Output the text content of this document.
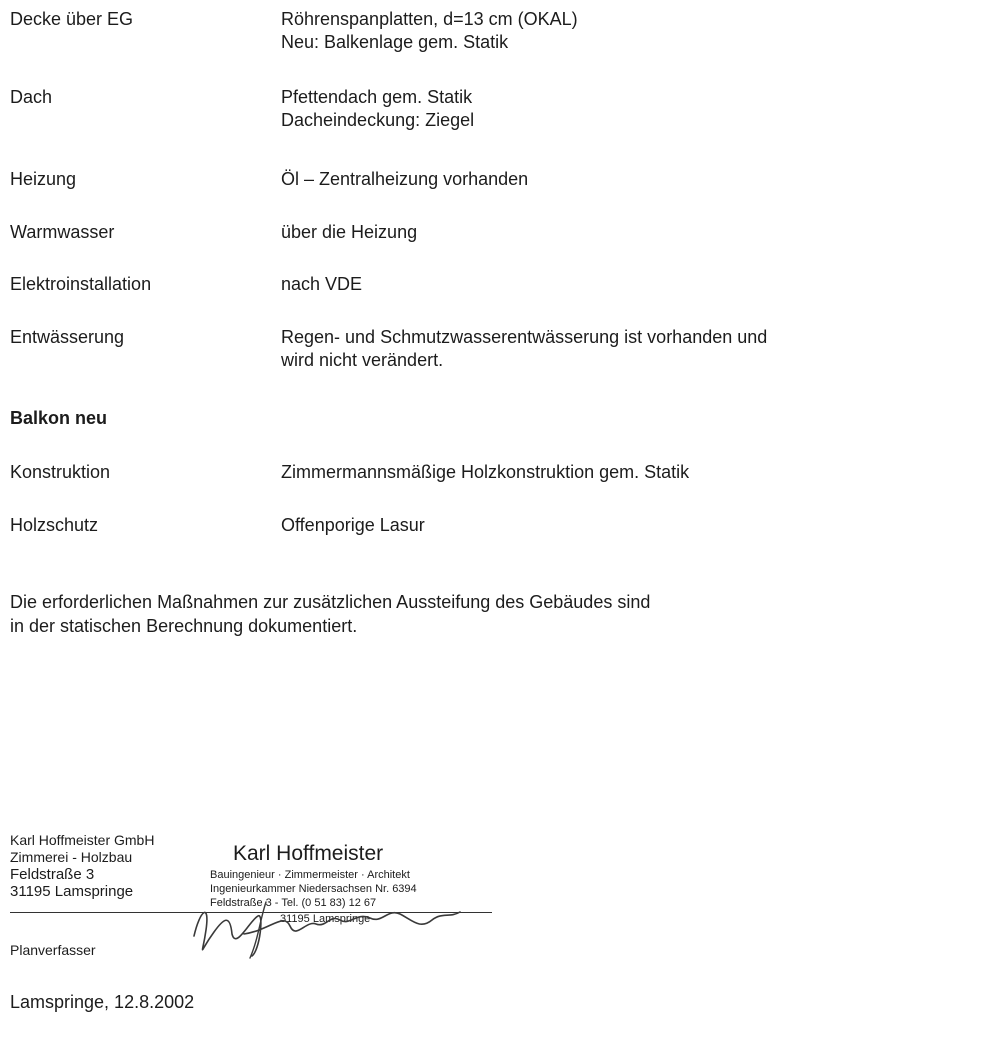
Decke über EG	Röhrenspanplatten, d=13 cm (OKAL)
Neu: Balkenlage gem. Statik
Dach	Pfettendach gem. Statik
Dacheindeckung: Ziegel
Heizung	Öl – Zentralheizung vorhanden
Warmwasser	über die Heizung
Elektroinstallation	nach VDE
Entwässerung	Regen- und Schmutzwasserentwässerung ist vorhanden und
wird nicht verändert.
Balkon neu
Konstruktion	Zimmermannsmäßige Holzkonstruktion gem. Statik
Holzschutz	Offenporige Lasur
Die erforderlichen Maßnahmen zur zusätzlichen Aussteifung des Gebäudes sind
in der statischen Berechnung dokumentiert.
Karl Hoffmeister GmbH
Zimmerei - Holzbau
Feldstraße 3
31195 Lamspringe
Karl Hoffmeister
Bauingenieur · Zimmermeister · Architekt
Ingenieurkammer Niedersachsen Nr. 6394
Feldstraße 3 - Tel. (0 51 83) 12 67
31195 Lamspringe
Planverfasser
Lamspringe, 12.8.2002
